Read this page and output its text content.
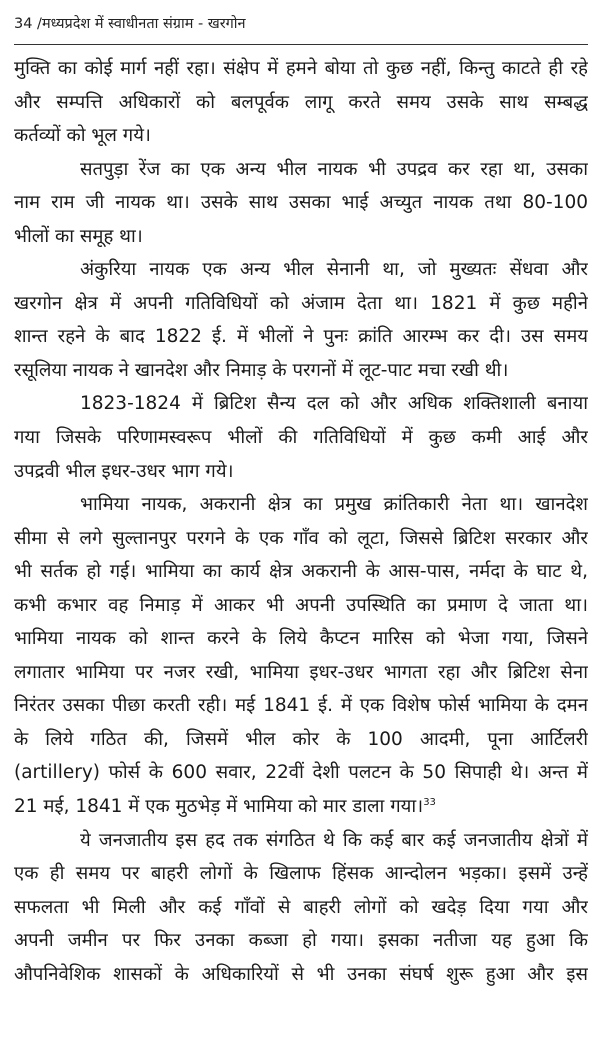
34 /मध्यप्रदेश में स्वाधीनता संग्राम - खरगोन
मुक्ति का कोई मार्ग नहीं रहा। संक्षेप में हमने बोया तो कुछ नहीं, किन्तु काटते ही रहे
और सम्पत्ति अधिकारों को बलपूर्वक लागू करते समय उसके साथ सम्बद्ध
कर्तव्यों को भूल गये।
सतपुड़ा रेंज का एक अन्य भील नायक भी उपद्रव कर रहा था, उसका
नाम राम जी नायक था। उसके साथ उसका भाई अच्युत नायक तथा 80-100
भीलों का समूह था।
अंकुरिया नायक एक अन्य भील सेनानी था, जो मुख्यतः सेंधवा और
खरगोन क्षेत्र में अपनी गतिविधियों को अंजाम देता था। 1821 में कुछ महीने
शान्त रहने के बाद 1822 ई. में भीलों ने पुनः क्रांति आरम्भ कर दी। उस समय
रसूलिया नायक ने खानदेश और निमाड़ के परगनों में लूट-पाट मचा रखी थी।
1823-1824 में ब्रिटिश सैन्य दल को और अधिक शक्तिशाली बनाया
गया जिसके परिणामस्वरूप भीलों की गतिविधियों में कुछ कमी आई और
उपद्रवी भील इधर-उधर भाग गये।
भामिया नायक, अकरानी क्षेत्र का प्रमुख क्रांतिकारी नेता था। खानदेश
सीमा से लगे सुल्तानपुर परगने के एक गाँव को लूटा, जिससे ब्रिटिश सरकार और
भी सर्तक हो गई। भामिया का कार्य क्षेत्र अकरानी के आस-पास, नर्मदा के घाट थे,
कभी कभार वह निमाड़ में आकर भी अपनी उपस्थिति का प्रमाण दे जाता था।
भामिया नायक को शान्त करने के लिये कैप्टन मारिस को भेजा गया, जिसने
लगातार भामिया पर नजर रखी, भामिया इधर-उधर भागता रहा और ब्रिटिश सेना
निरंतर उसका पीछा करती रही। मई 1841 ई. में एक विशेष फोर्स भामिया के दमन
के लिये गठित की, जिसमें भील कोर के 100 आदमी, पूना आर्टिलरी
(artillery) फोर्स के 600 सवार, 22वीं देशी पलटन के 50 सिपाही थे। अन्त में
21 मई, 1841 में एक मुठभेड़ में भामिया को मार डाला गया।$^{33}$
ये जनजातीय इस हद तक संगठित थे कि कई बार कई जनजातीय क्षेत्रों में
एक ही समय पर बाहरी लोगों के खिलाफ हिंसक आन्दोलन भड़का। इसमें उन्हें
सफलता भी मिली और कई गाँवों से बाहरी लोगों को खदेड़ दिया गया और
अपनी जमीन पर फिर उनका कब्जा हो गया। इसका नतीजा यह हुआ कि
औपनिवेशिक शासकों के अधिकारियों से भी उनका संघर्ष शुरू हुआ और इस
